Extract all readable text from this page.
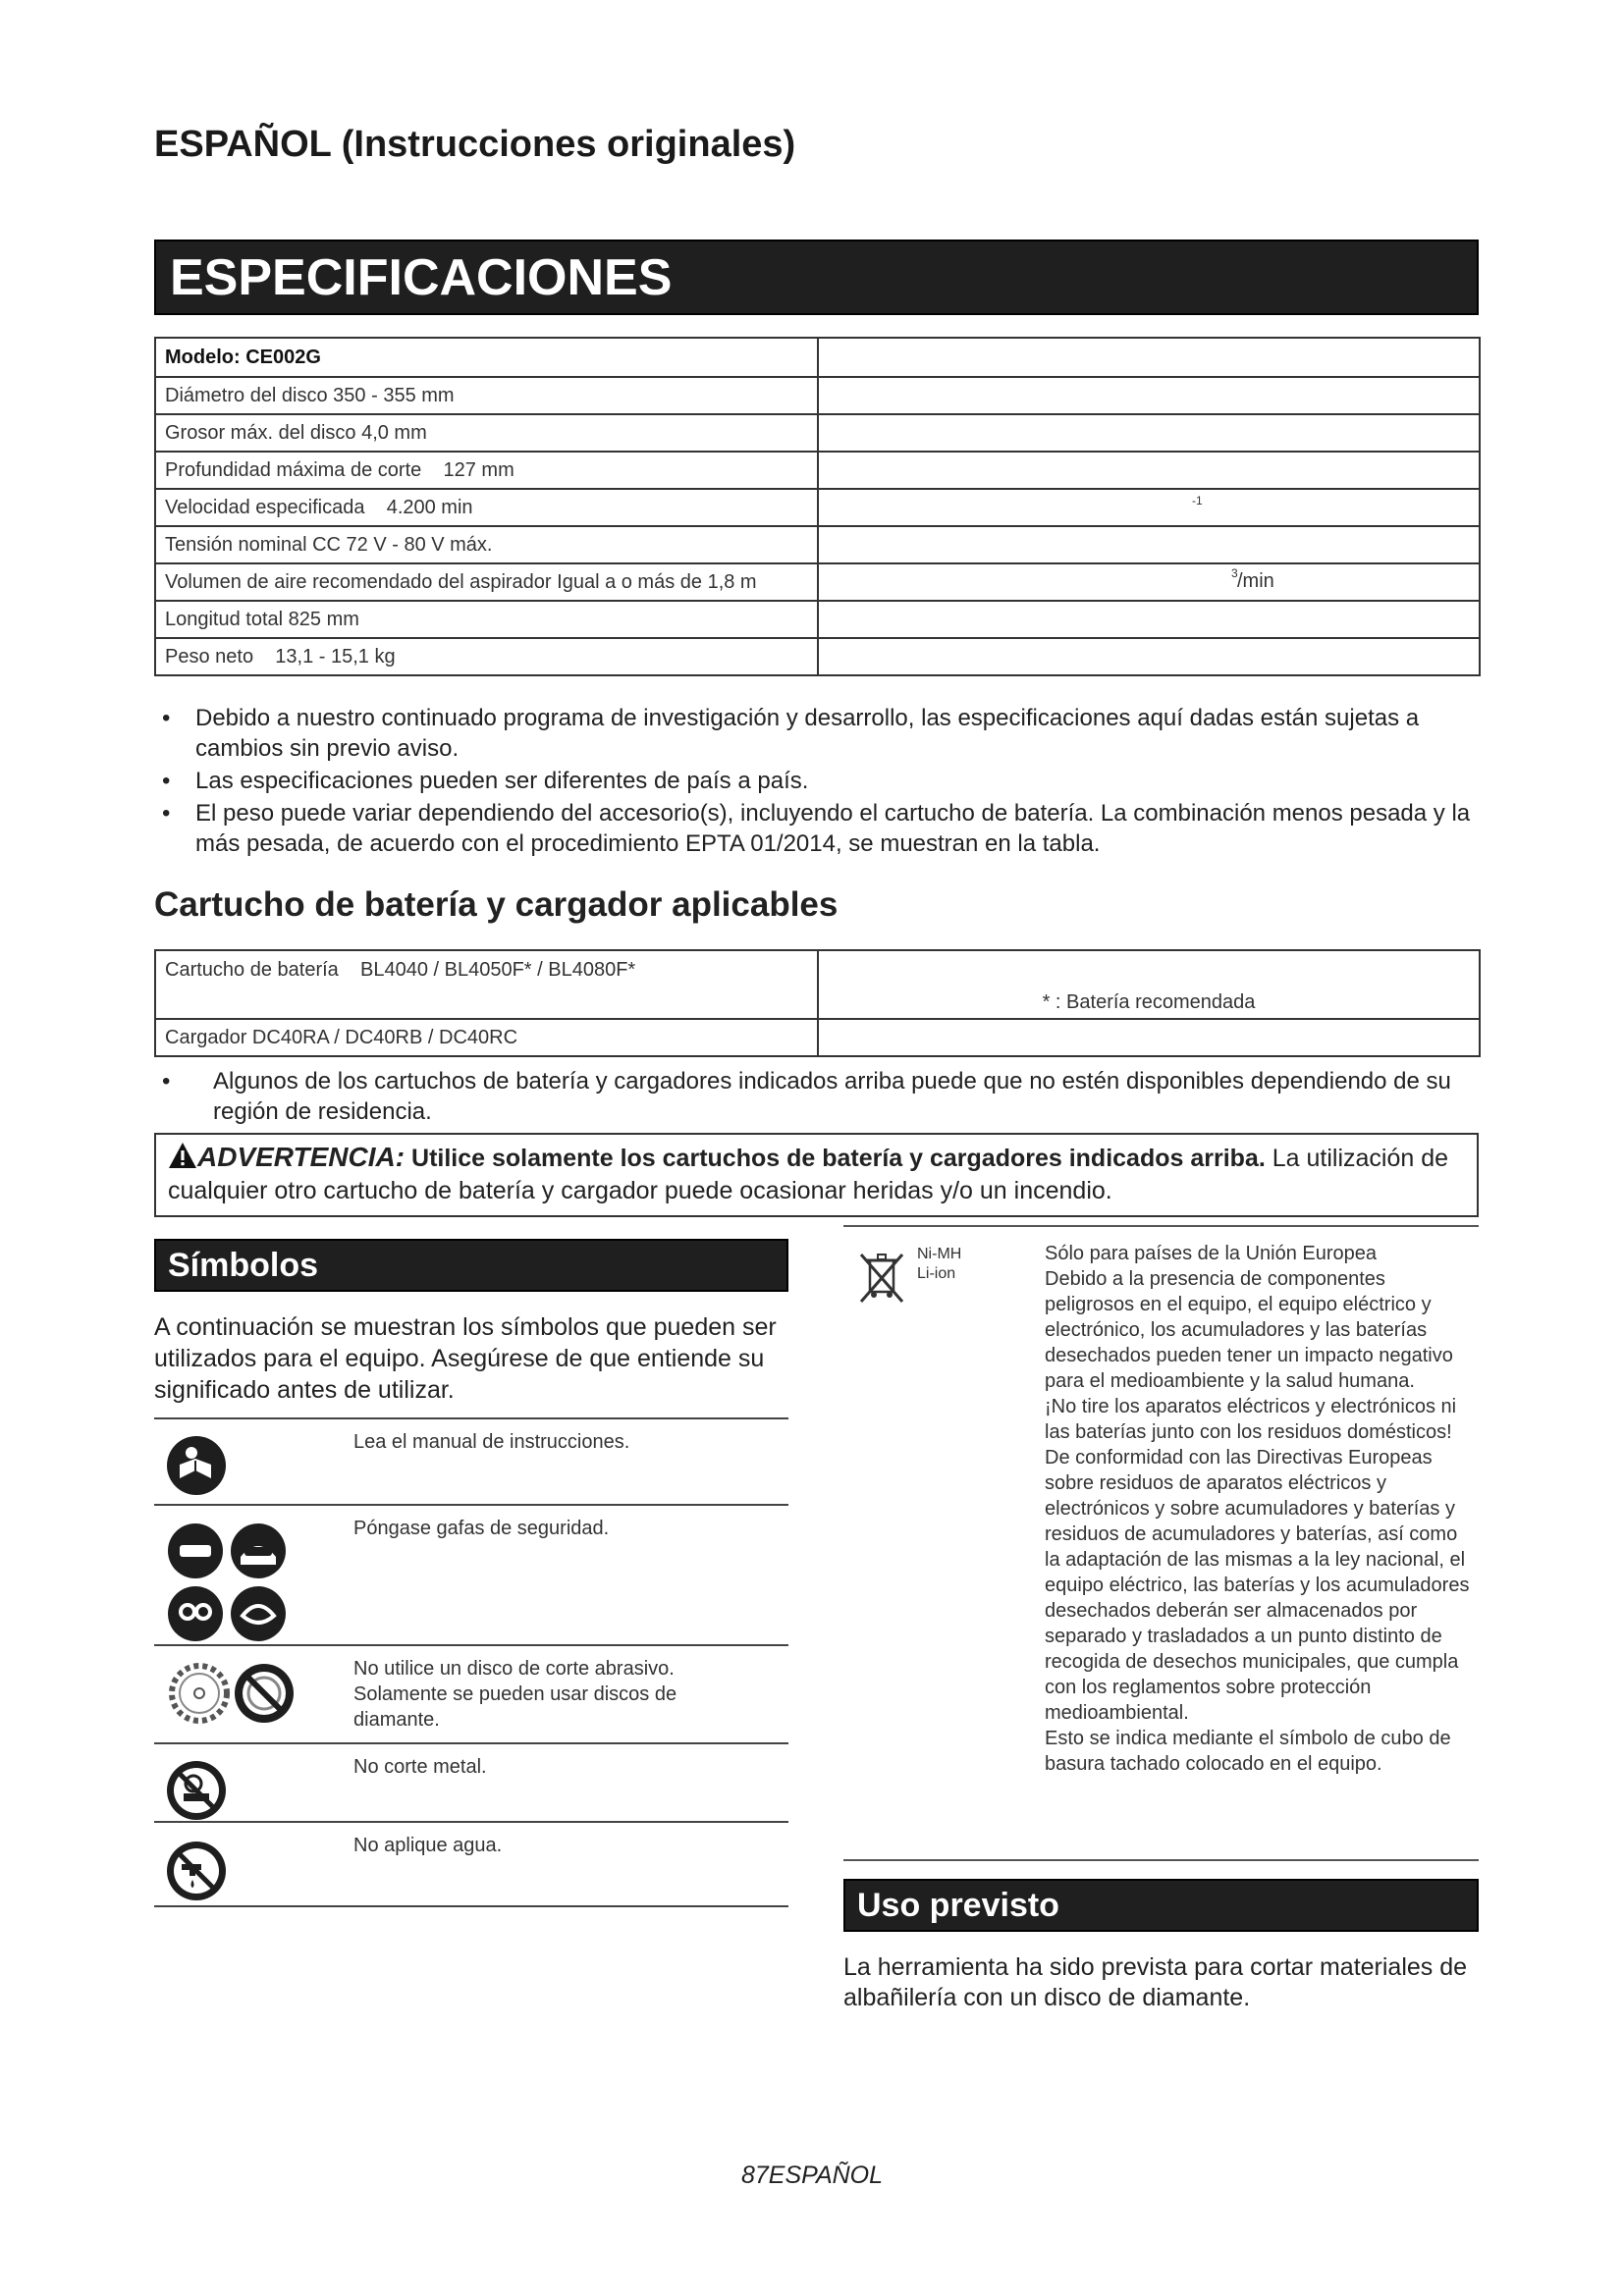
ESPAÑOL (Instrucciones originales)
ESPECIFICACIONES
Modelo: CE002G	
Diámetro del disco 350 - 355 mm	
Grosor máx. del disco 4,0 mm	
Profundidad máxima de corte    127 mm	
Velocidad especificada    4.200 min	-1

Tensión nominal CC 72 V - 80 V máx.	
Volumen de aire recomendado del aspirador Igual a o más de 1,8 m	3 /min

Longitud total 825 mm	
Peso neto    13,1 - 15,1 kg	
• Debido a nuestro continuado programa de investigación y desarrollo, las especificaciones aquí dadas están sujetas a cambios sin previo aviso.
• Las especificaciones pueden ser diferentes de país a país.
• El peso puede variar dependiendo del accesorio(s), incluyendo el cartucho de batería. La combinación menos pesada y la más pesada, de acuerdo con el procedimiento EPTA 01/2014, se muestran en la tabla.
Cartucho de batería y cargador aplicables
Cartucho de batería    BL4040 / BL4050F* / BL4080F*	* : Batería recomendada
Cargador DC40RA / DC40RB / DC40RC	
• Algunos de los cartuchos de batería y cargadores indicados arriba puede que no estén disponibles dependiendo de su región de residencia.
ADVERTENCIA: Utilice solamente los cartuchos de batería y cargadores indicados arriba. La utilización de cualquier otro cartucho de batería y cargador puede ocasionar heridas y/o un incendio.
Símbolos
A continuación se muestran los símbolos que pueden ser utilizados para el equipo. Asegúrese de que entiende su significado antes de utilizar.
Lea el manual de instrucciones.
Póngase gafas de seguridad.
No utilice un disco de corte abrasivo. Solamente se pueden usar discos de diamante.
No corte metal.
No aplique agua.
Ni-MH
Li-ion

Sólo para países de la Unión Europea

Debido a la presencia de componentes peligrosos en el equipo, el equipo eléctrico y electrónico, los acumuladores y las baterías desechados pueden tener un impacto negativo para el medioambiente y la salud humana.

¡No tire los aparatos eléctricos y electrónicos ni las baterías junto con los residuos domésticos!

De conformidad con las Directivas Europeas sobre residuos de aparatos eléctricos y electrónicos y sobre acumuladores y baterías y residuos de acumuladores y baterías, así como la adaptación de las mismas a la ley nacional, el equipo eléctrico, las baterías y los acumuladores desechados deberán ser almacenados por separado y trasladados a un punto distinto de recogida de desechos municipales, que cumpla con los reglamentos sobre protección medioambiental.

Esto se indica mediante el símbolo de cubo de basura tachado colocado en el equipo.

Uso previsto
La herramienta ha sido prevista para cortar materiales de albañilería con un disco de diamante.
87ESPAÑOL
